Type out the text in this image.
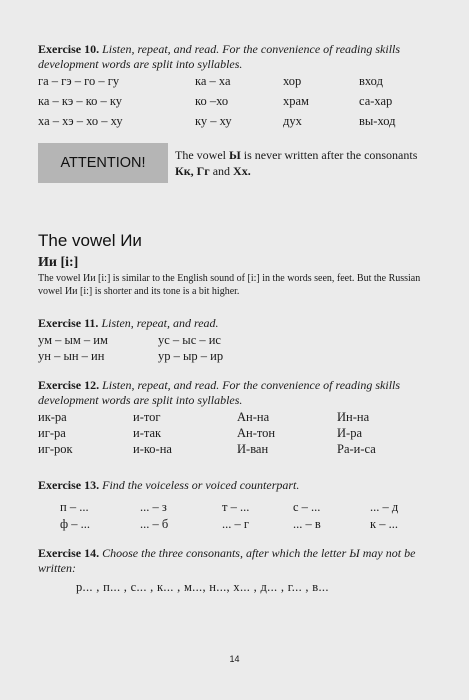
Exercise 10. Listen, repeat, and read. For the convenience of reading skills
development words are split into syllables.
га – гэ – го – гу	ка – ха	хор	вход
ка – кэ – ко – ку	ко –хо	храм	са-хар
ха – хэ – хо – ху	ку – ху	дух	вы-ход
ATTENTION! The vowel Ы is never written after the consonants
Кк, Гг and Хх.
The vowel Ии
Ии [i:]
The vowel Ии [i:] is similar to the English sound of [i:] in the words seen, feet. But the Russian vowel Ии [i:] is shorter and its tone is a bit higher.
Exercise 11. Listen, repeat, and read.
ум – ым – им	ус – ыс – ис
ун – ын – ин	ур – ыр – ир
Exercise 12. Listen, repeat, and read. For the convenience of reading skills
development words are split into syllables.
ик-ра	и-тог	Ан-на	Ин-на
иг-ра	и-так	Ан-тон	И-ра
иг-рок	и-ко-на	И-ван	Ра-и-са
Exercise 13. Find the voiceless or voiced counterpart.
п – ...	... – з	т – ...	с – ...	... – д
ф – ...	... – б	... – г	... – в	к – ...
Exercise 14. Choose the three consonants, after which the letter Ы may not be
written:
р... , п... , с... , к... , м..., н..., х... , д... , г... , в...
14
